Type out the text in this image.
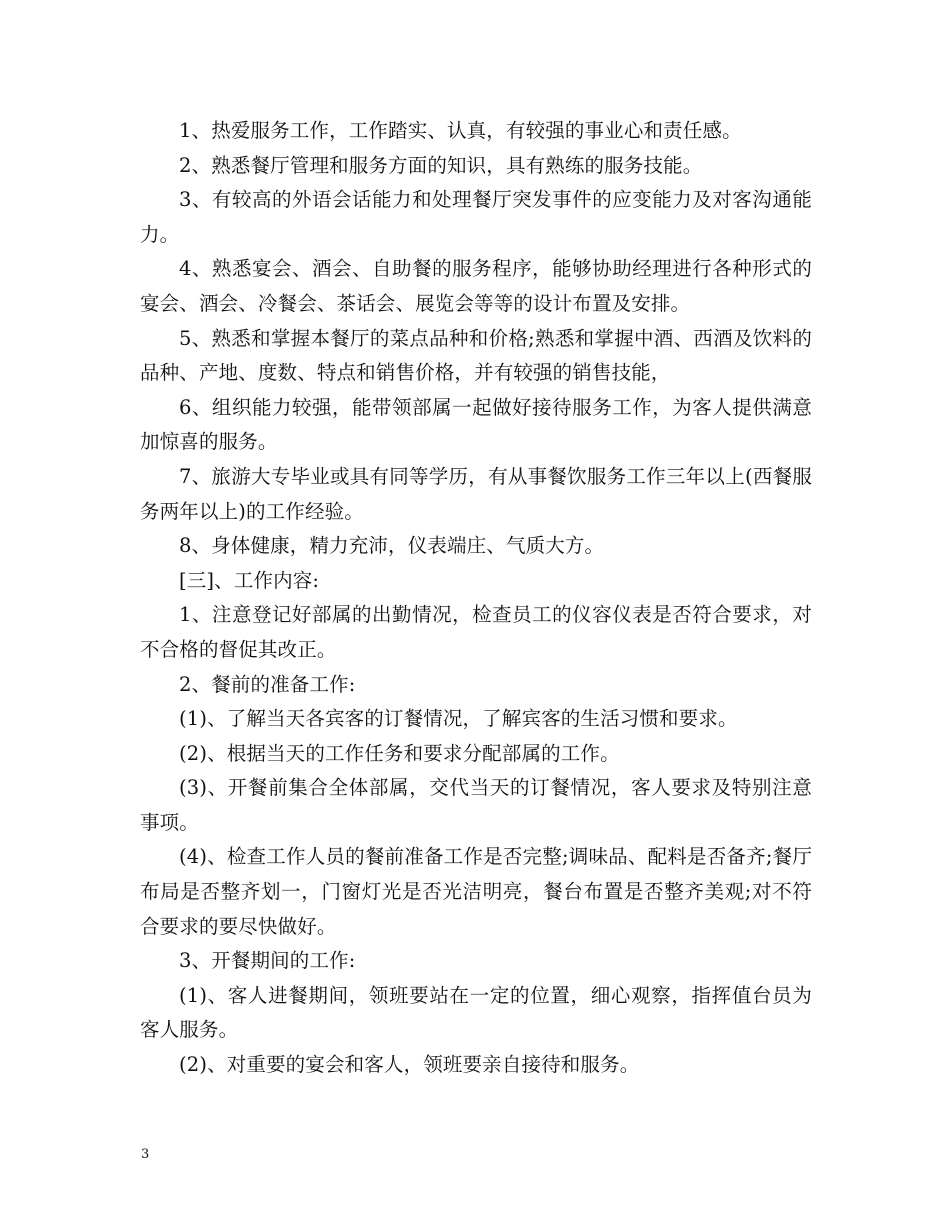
1、热爱服务工作，工作踏实、认真，有较强的事业心和责任感。

2、熟悉餐厅管理和服务方面的知识，具有熟练的服务技能。

3、有较高的外语会话能力和处理餐厅突发事件的应变能力及对客沟通能力。

4、熟悉宴会、酒会、自助餐的服务程序，能够协助经理进行各种形式的宴会、酒会、冷餐会、茶话会、展览会等等的设计布置及安排。

5、熟悉和掌握本餐厅的菜点品种和价格;熟悉和掌握中酒、西酒及饮料的品种、产地、度数、特点和销售价格，并有较强的销售技能，

6、组织能力较强，能带领部属一起做好接待服务工作，为客人提供满意加惊喜的服务。

7、旅游大专毕业或具有同等学历，有从事餐饮服务工作三年以上(西餐服务两年以上)的工作经验。

8、身体健康，精力充沛，仪表端庄、气质大方。

[三]、工作内容:

1、注意登记好部属的出勤情况，检查员工的仪容仪表是否符合要求，对不合格的督促其改正。

2、餐前的准备工作:

(1)、了解当天各宾客的订餐情况，了解宾客的生活习惯和要求。

(2)、根据当天的工作任务和要求分配部属的工作。

(3)、开餐前集合全体部属，交代当天的订餐情况，客人要求及特别注意事项。

(4)、检查工作人员的餐前准备工作是否完整;调味品、配料是否备齐;餐厅布局是否整齐划一，门窗灯光是否光洁明亮，餐台布置是否整齐美观;对不符合要求的要尽快做好。

3、开餐期间的工作:

(1)、客人进餐期间，领班要站在一定的位置，细心观察，指挥值台员为客人服务。

(2)、对重要的宴会和客人，领班要亲自接待和服务。

3
